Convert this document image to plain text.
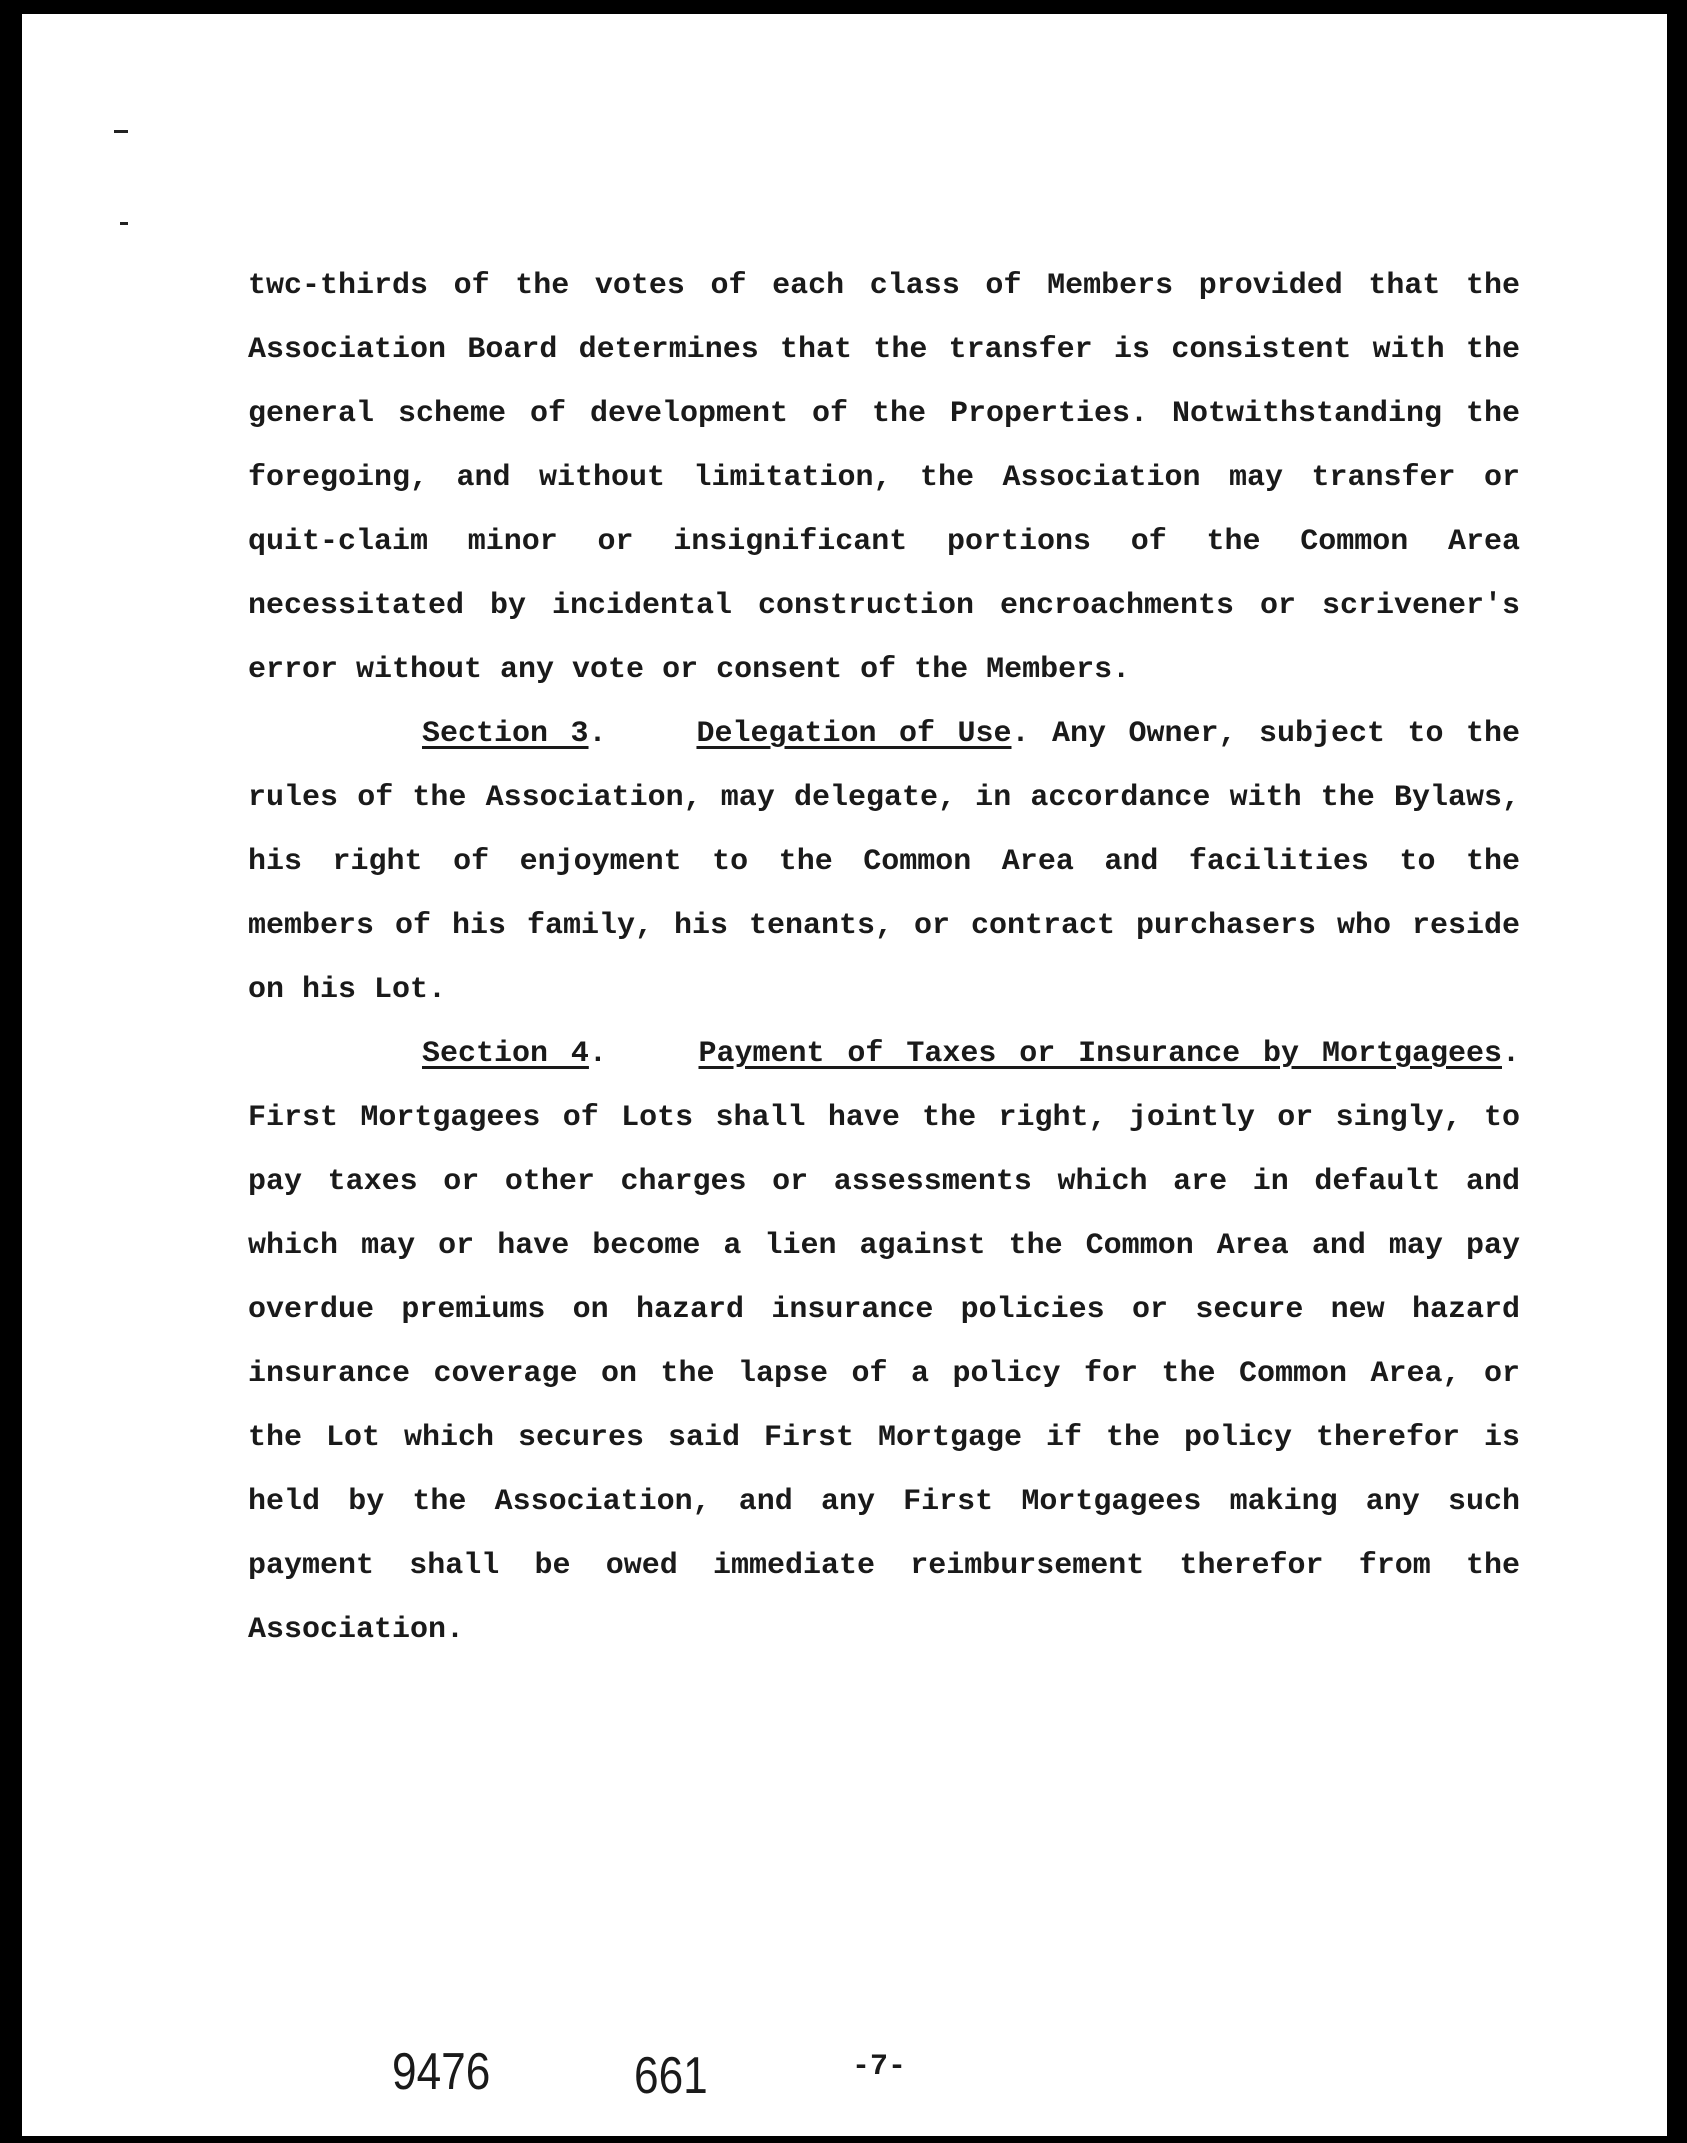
twc-thirds of the votes of each class of Members provided that the Association Board determines that the transfer is consistent with the general scheme of development of the Properties. Notwithstanding the foregoing, and without limitation, the Association may transfer or quit-claim minor or insignificant portions of the Common Area necessitated by incidental construction encroachments or scrivener's error without any vote or consent of the Members.

Section 3.    Delegation of Use. Any Owner, subject to the rules of the Association, may delegate, in accordance with the Bylaws, his right of enjoyment to the Common Area and facilities to the members of his family, his tenants, or contract purchasers who reside on his Lot.

Section 4.    Payment of Taxes or Insurance by Mortgagees. First Mortgagees of Lots shall have the right, jointly or singly, to pay taxes or other charges or assessments which are in default and which may or have become a lien against the Common Area and may pay overdue premiums on hazard insurance policies or secure new hazard insurance coverage on the lapse of a policy for the Common Area, or the Lot which secures said First Mortgage if the policy therefor is held by the Association, and any First Mortgagees making any such payment shall be owed immediate reimbursement therefor from the Association.

9476	661	-7-
